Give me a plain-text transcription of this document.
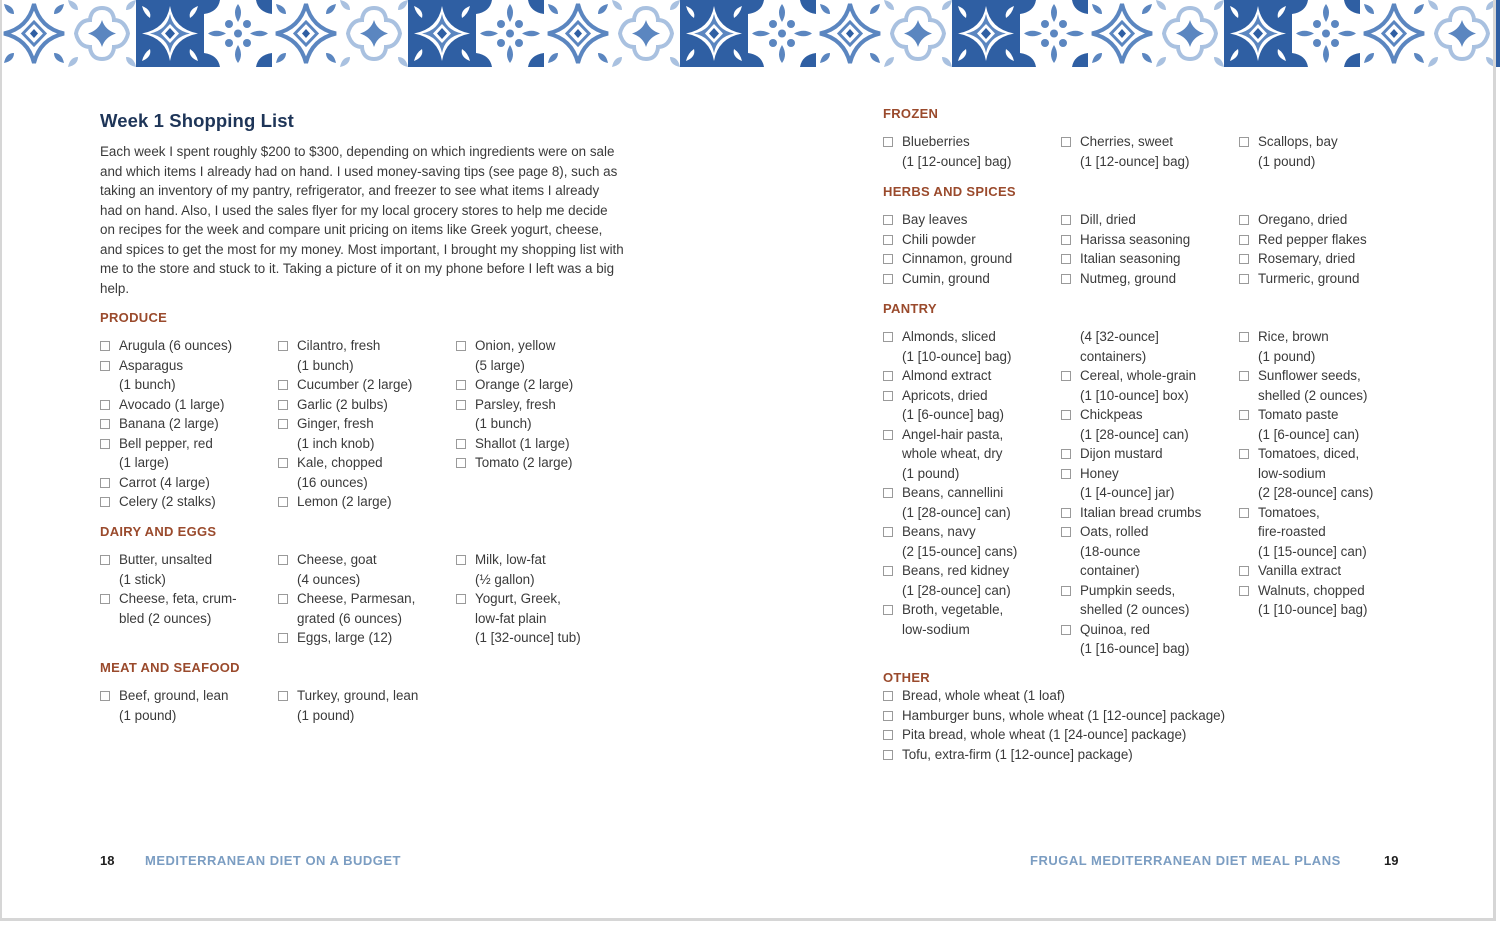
Week 1 Shopping List

Each week I spent roughly $200 to $300, depending on which ingredients were on sale and which items I already had on hand. I used money-saving tips (see page 8), such as taking an inventory of my pantry, refrigerator, and freezer to see what items I already had on hand. Also, I used the sales flyer for my local grocery stores to help me decide on recipes for the week and compare unit pricing on items like Greek yogurt, cheese, and spices to get the most for my money. Most important, I brought my shopping list with me to the store and stuck to it. Taking a picture of it on my phone before I left was a big help.

PRODUCE
Arugula (6 ounces)
Asparagus
(1 bunch)
Avocado (1 large)
Banana (2 large)
Bell pepper, red
(1 large)
Carrot (4 large)
Celery (2 stalks)
Cilantro, fresh
(1 bunch)
Cucumber (2 large)
Garlic (2 bulbs)
Ginger, fresh
(1 inch knob)
Kale, chopped
(16 ounces)
Lemon (2 large)
Onion, yellow
(5 large)
Orange (2 large)
Parsley, fresh
(1 bunch)
Shallot (1 large)
Tomato (2 large)
DAIRY AND EGGS
Butter, unsalted
(1 stick)
Cheese, feta, crum-
bled (2 ounces)
Cheese, goat
(4 ounces)
Cheese, Parmesan,
grated (6 ounces)
Eggs, large (12)
Milk, low-fat
(½ gallon)
Yogurt, Greek,
low-fat plain
(1 [32-ounce] tub)
MEAT AND SEAFOOD
Beef, ground, lean
(1 pound)
Turkey, ground, lean
(1 pound)
18 MEDITERRANEAN DIET ON A BUDGET
FROZEN
Blueberries
(1 [12-ounce] bag)
Cherries, sweet
(1 [12-ounce] bag)
Scallops, bay
(1 pound)
HERBS AND SPICES
Bay leaves
Chili powder
Cinnamon, ground
Cumin, ground
Dill, dried
Harissa seasoning
Italian seasoning
Nutmeg, ground
Oregano, dried
Red pepper flakes
Rosemary, dried
Turmeric, ground
PANTRY
Almonds, sliced
(1 [10-ounce] bag)
Almond extract
Apricots, dried
(1 [6-ounce] bag)
Angel-hair pasta,
whole wheat, dry
(1 pound)
Beans, cannellini
(1 [28-ounce] can)
Beans, navy
(2 [15-ounce] cans)
Beans, red kidney
(1 [28-ounce] can)
Broth, vegetable,
low-sodium
(4 [32-ounce]
containers)
Cereal, whole-grain
(1 [10-ounce] box)
Chickpeas
(1 [28-ounce] can)
Dijon mustard
Honey
(1 [4-ounce] jar)
Italian bread crumbs
Oats, rolled
(18-ounce
container)
Pumpkin seeds,
shelled (2 ounces)
Quinoa, red
(1 [16-ounce] bag)
Rice, brown
(1 pound)
Sunflower seeds,
shelled (2 ounces)
Tomato paste
(1 [6-ounce] can)
Tomatoes, diced,
low-sodium
(2 [28-ounce] cans)
Tomatoes,
fire-roasted
(1 [15-ounce] can)
Vanilla extract
Walnuts, chopped
(1 [10-ounce] bag)
OTHER
Bread, whole wheat (1 loaf)
Hamburger buns, whole wheat (1 [12-ounce] package)
Pita bread, whole wheat (1 [24-ounce] package)
Tofu, extra-firm (1 [12-ounce] package)
FRUGAL MEDITERRANEAN DIET MEAL PLANS	19
